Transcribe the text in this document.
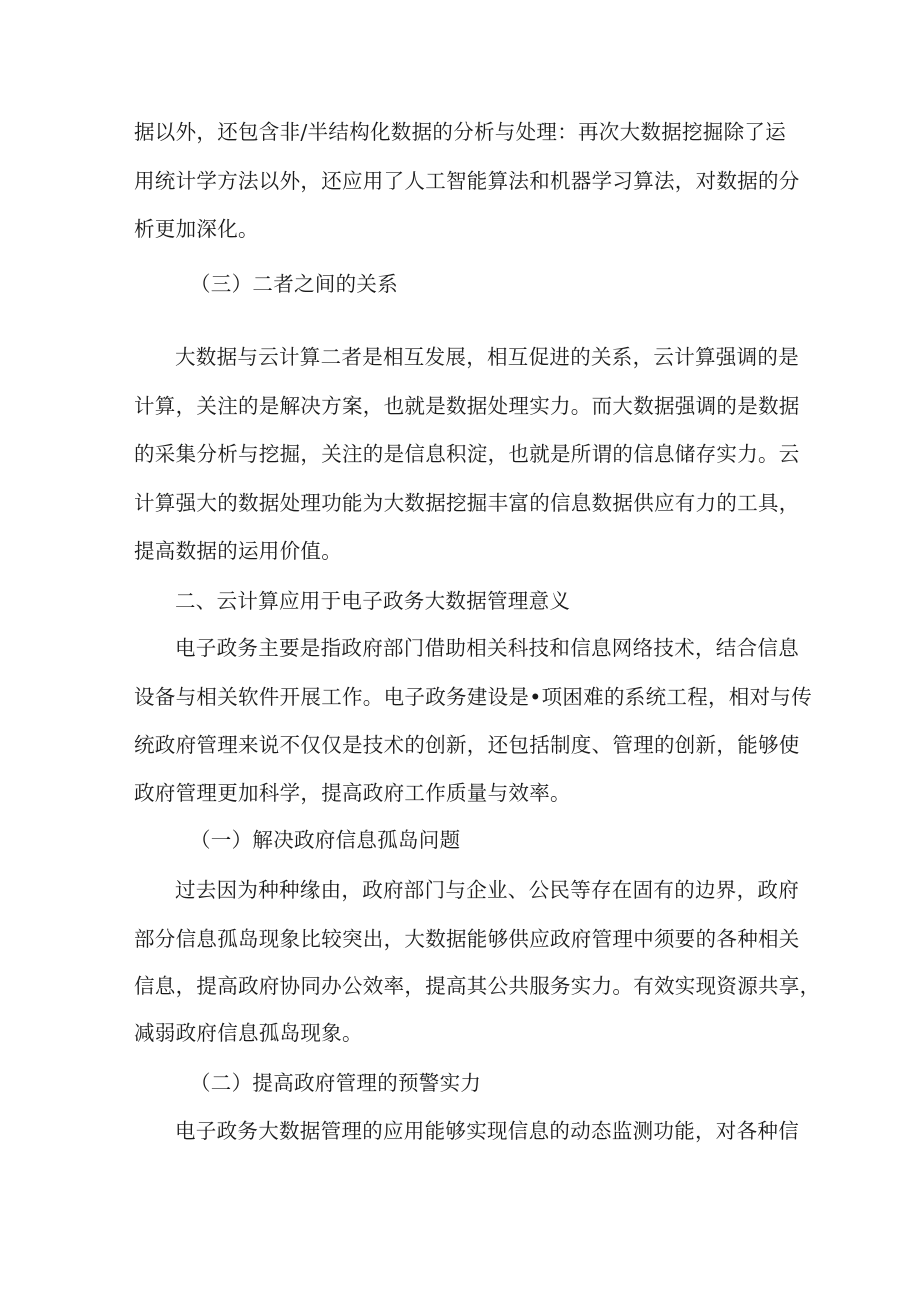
据以外，还包含非/半结构化数据的分析与处理：再次大数据挖掘除了运
用统计学方法以外，还应用了人工智能算法和机器学习算法，对数据的分
析更加深化。
（三）二者之间的关系
大数据与云计算二者是相互发展，相互促进的关系，云计算强调的是
计算，关注的是解决方案，也就是数据处理实力。而大数据强调的是数据
的采集分析与挖掘，关注的是信息积淀，也就是所谓的信息储存实力。云
计算强大的数据处理功能为大数据挖掘丰富的信息数据供应有力的工具，
提高数据的运用价值。
二、云计算应用于电子政务大数据管理意义
电子政务主要是指政府部门借助相关科技和信息网络技术，结合信息
设备与相关软件开展工作。电子政务建设是•项困难的系统工程，相对与传
统政府管理来说不仅仅是技术的创新，还包括制度、管理的创新，能够使
政府管理更加科学，提高政府工作质量与效率。
（一）解决政府信息孤岛问题
过去因为种种缘由，政府部门与企业、公民等存在固有的边界，政府
部分信息孤岛现象比较突出，大数据能够供应政府管理中须要的各种相关
信息，提高政府协同办公效率，提高其公共服务实力。有效实现资源共享，
减弱政府信息孤岛现象。
（二）提高政府管理的预警实力
电子政务大数据管理的应用能够实现信息的动态监测功能，对各种信
